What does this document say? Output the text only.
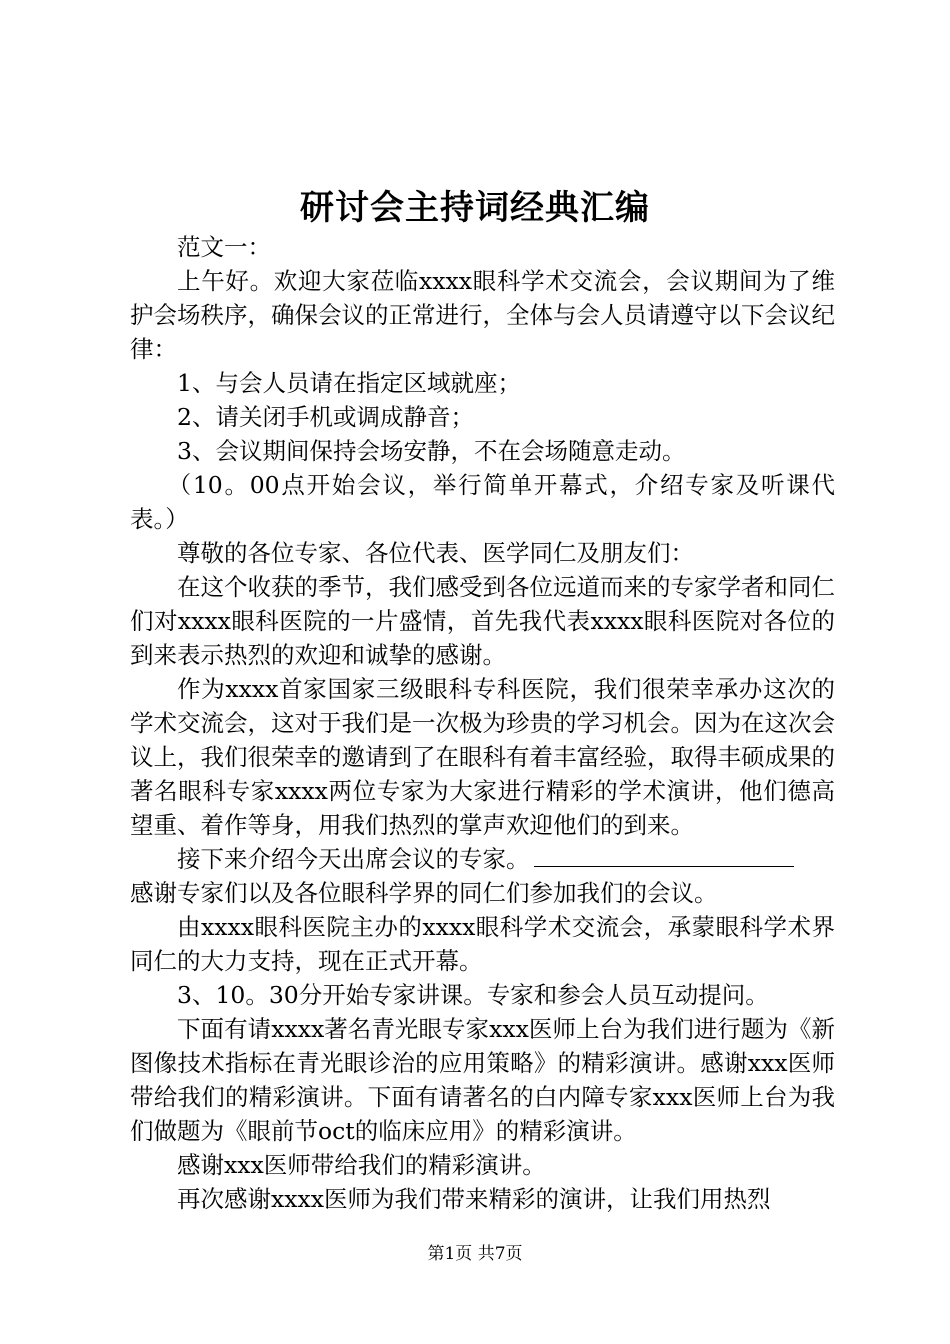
研讨会主持词经典汇编

范文一：

上午好。欢迎大家莅临xxxx眼科学术交流会，会议期间为了维护会场秩序，确保会议的正常进行，全体与会人员请遵守以下会议纪律：

1、与会人员请在指定区域就座；

2、请关闭手机或调成静音；

3、会议期间保持会场安静，不在会场随意走动。

（10。00点开始会议，举行简单开幕式，介绍专家及听课代表。）

尊敬的各位专家、各位代表、医学同仁及朋友们：

在这个收获的季节，我们感受到各位远道而来的专家学者和同仁们对xxxx眼科医院的一片盛情，首先我代表xxxx眼科医院对各位的到来表示热烈的欢迎和诚挚的感谢。

作为xxxx首家国家三级眼科专科医院，我们很荣幸承办这次的学术交流会，这对于我们是一次极为珍贵的学习机会。因为在这次会议上，我们很荣幸的邀请到了在眼科有着丰富经验，取得丰硕成果的著名眼科专家xxxx两位专家为大家进行精彩的学术演讲，他们德高望重、着作等身，用我们热烈的掌声欢迎他们的到来。

接下来介绍今天出席会议的专家。

感谢专家们以及各位眼科学界的同仁们参加我们的会议。

由xxxx眼科医院主办的xxxx眼科学术交流会，承蒙眼科学术界同仁的大力支持，现在正式开幕。

3、10。30分开始专家讲课。专家和参会人员互动提问。

下面有请xxxx著名青光眼专家xxx医师上台为我们进行题为《新图像技术指标在青光眼诊治的应用策略》的精彩演讲。感谢xxx医师带给我们的精彩演讲。下面有请著名的白内障专家xxx医师上台为我们做题为《眼前节oct的临床应用》的精彩演讲。

感谢xxx医师带给我们的精彩演讲。

再次感谢xxxx医师为我们带来精彩的演讲，让我们用热烈

第1页 共7页
